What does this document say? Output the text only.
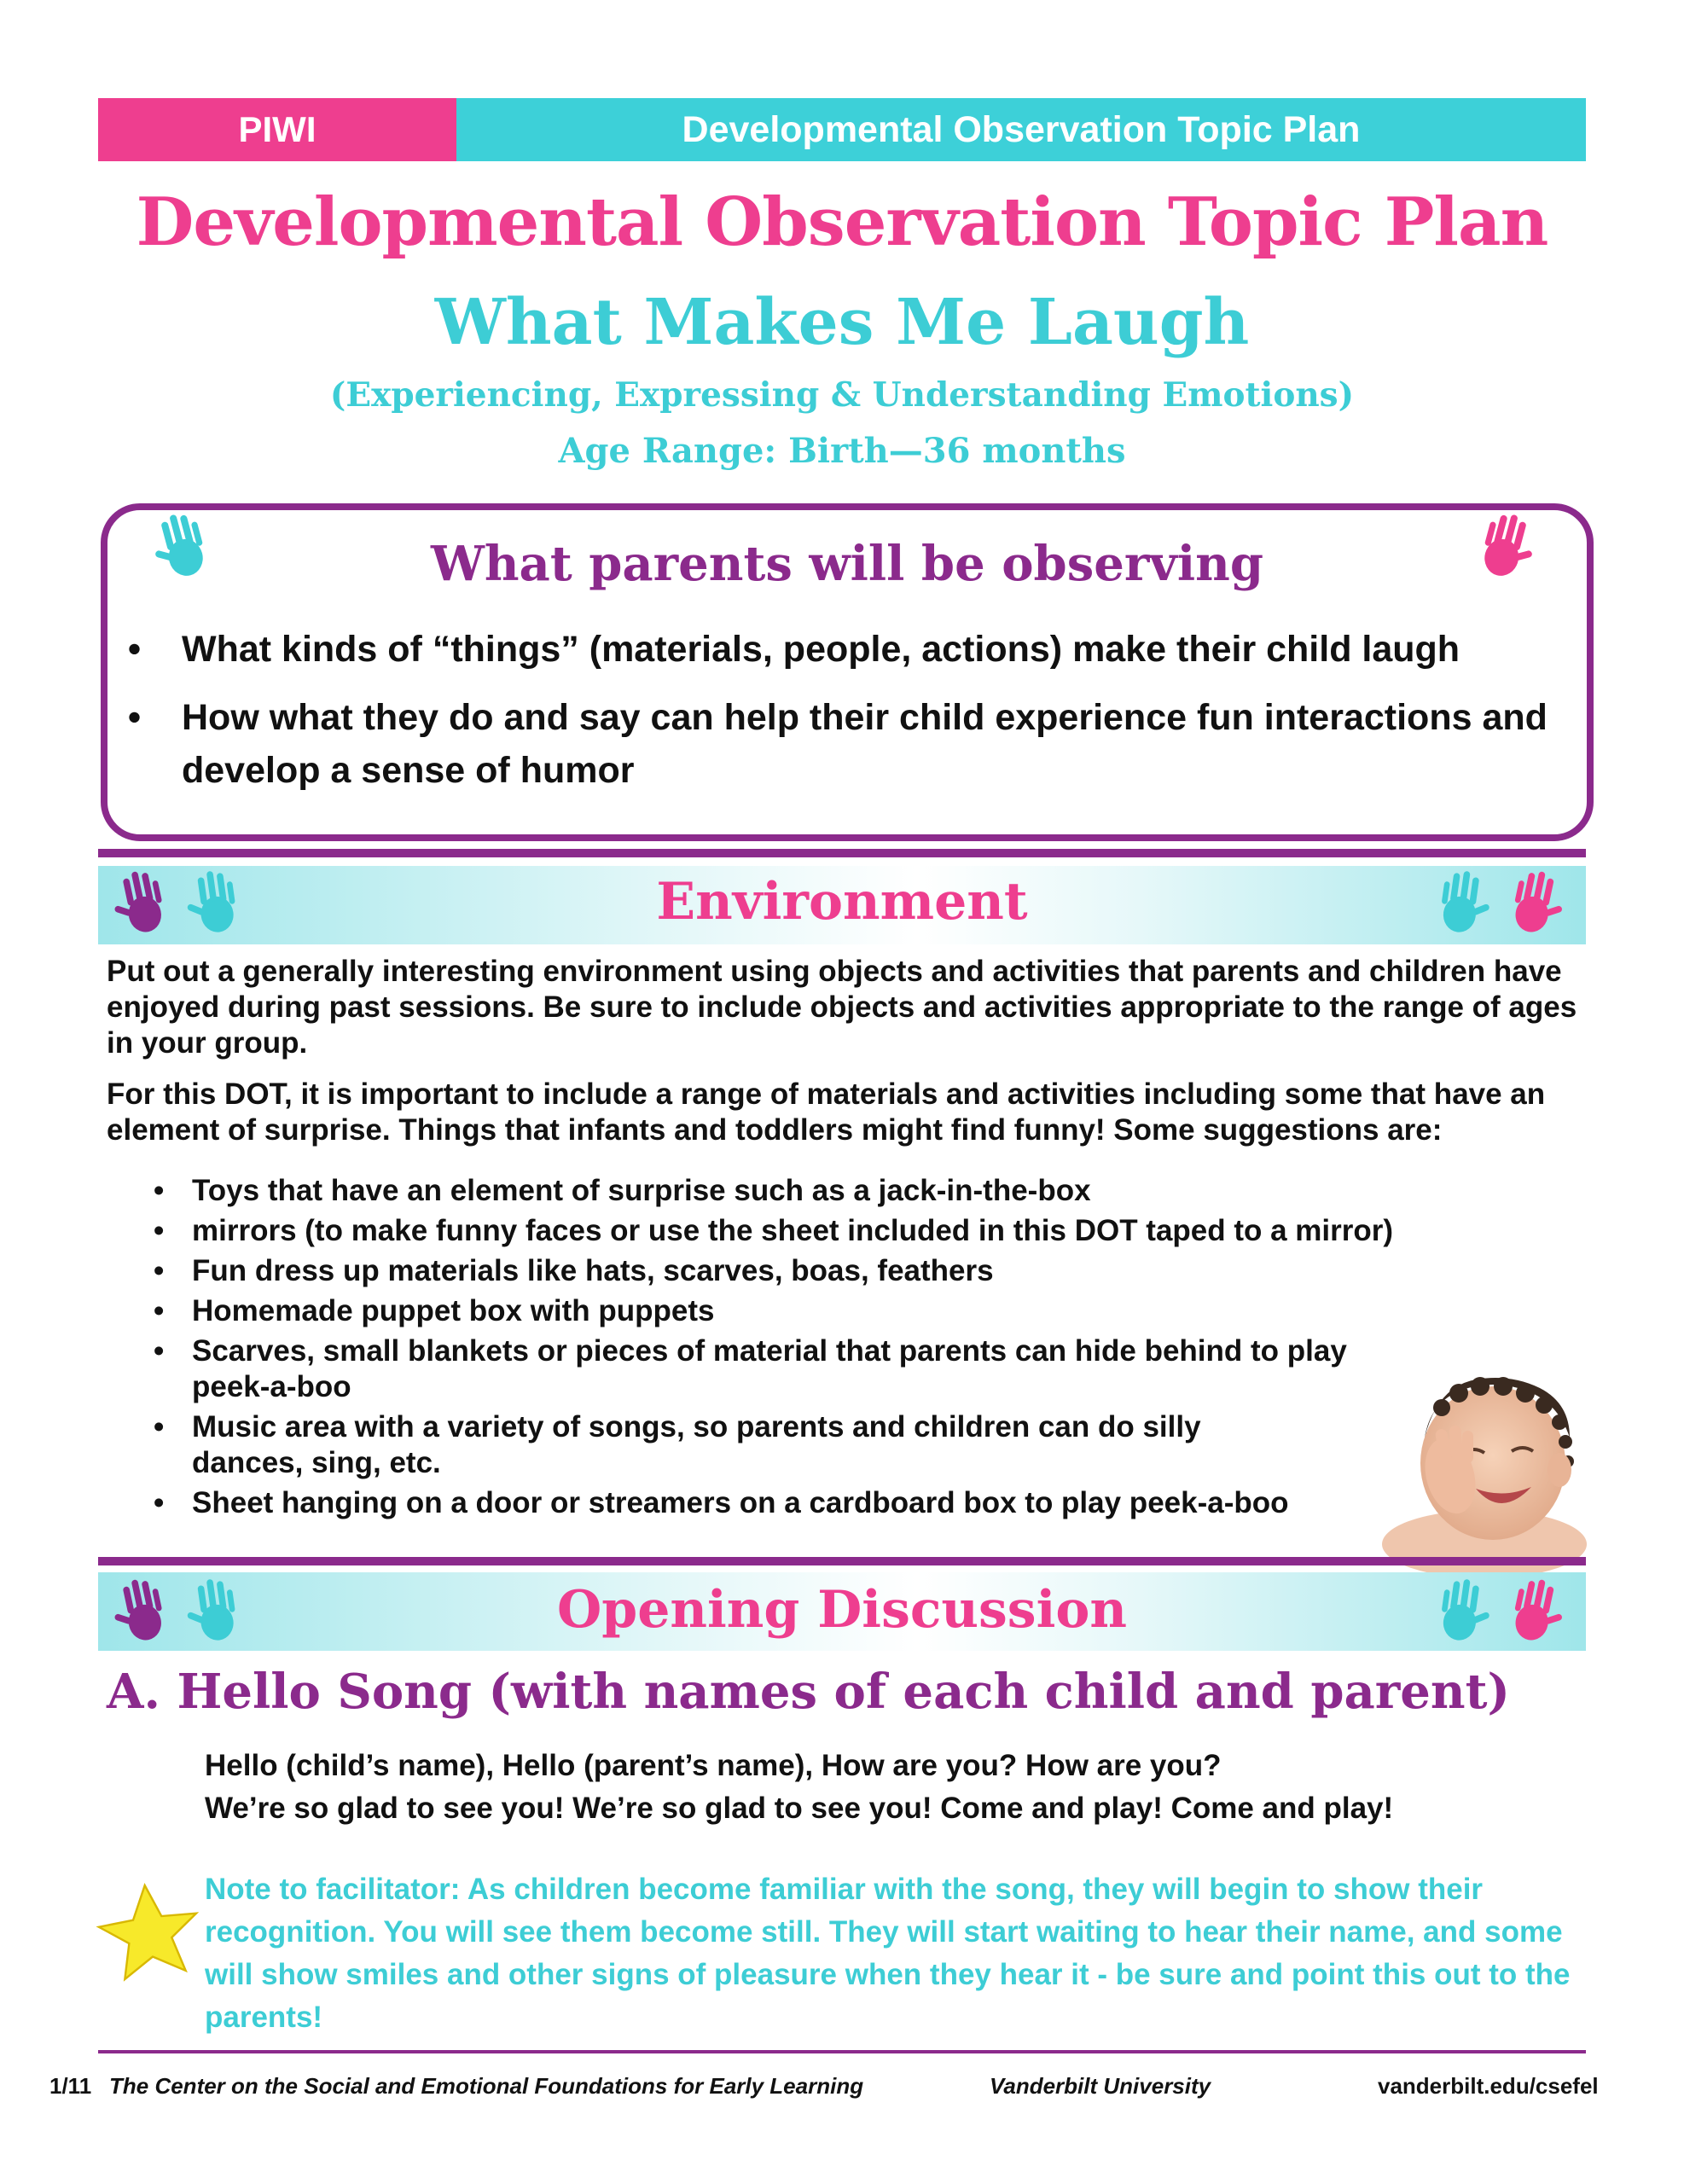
PIWI	Developmental Observation Topic Plan
Developmental Observation Topic Plan
What Makes Me Laugh
(Experiencing, Expressing & Understanding Emotions)
Age Range: Birth—36 months
What parents will be observing
• What kinds of “things” (materials, people, actions) make their child laugh
• How what they do and say can help their child experience fun interactions and develop a sense of humor
Environment
Put out a generally interesting environment using objects and activities that parents and children have enjoyed during past sessions. Be sure to include objects and activities appropriate to the range of ages in your group.
For this DOT, it is important to include a range of materials and activities including some that have an element of surprise. Things that infants and toddlers might find funny! Some suggestions are:
• Toys that have an element of surprise such as a jack-in-the-box
• mirrors (to make funny faces or use the sheet included in this DOT taped to a mirror)
• Fun dress up materials like hats, scarves, boas, feathers
• Homemade puppet box with puppets
• Scarves, small blankets or pieces of material that parents can hide behind to play peek-a-boo
• Music area with a variety of songs, so parents and children can do silly dances, sing, etc.
• Sheet hanging on a door or streamers on a cardboard box to play peek-a-boo
Opening Discussion
A. Hello Song (with names of each child and parent)
Hello (child’s name), Hello (parent’s name), How are you? How are you?
We’re so glad to see you! We’re so glad to see you! Come and play! Come and play!
Note to facilitator: As children become familiar with the song, they will begin to show their recognition. You will see them become still. They will start waiting to hear their name, and some will show smiles and other signs of pleasure when they hear it - be sure and point this out to the parents!
1/11 The Center on the Social and Emotional Foundations for Early Learning	Vanderbilt University	vanderbilt.edu/csefel
